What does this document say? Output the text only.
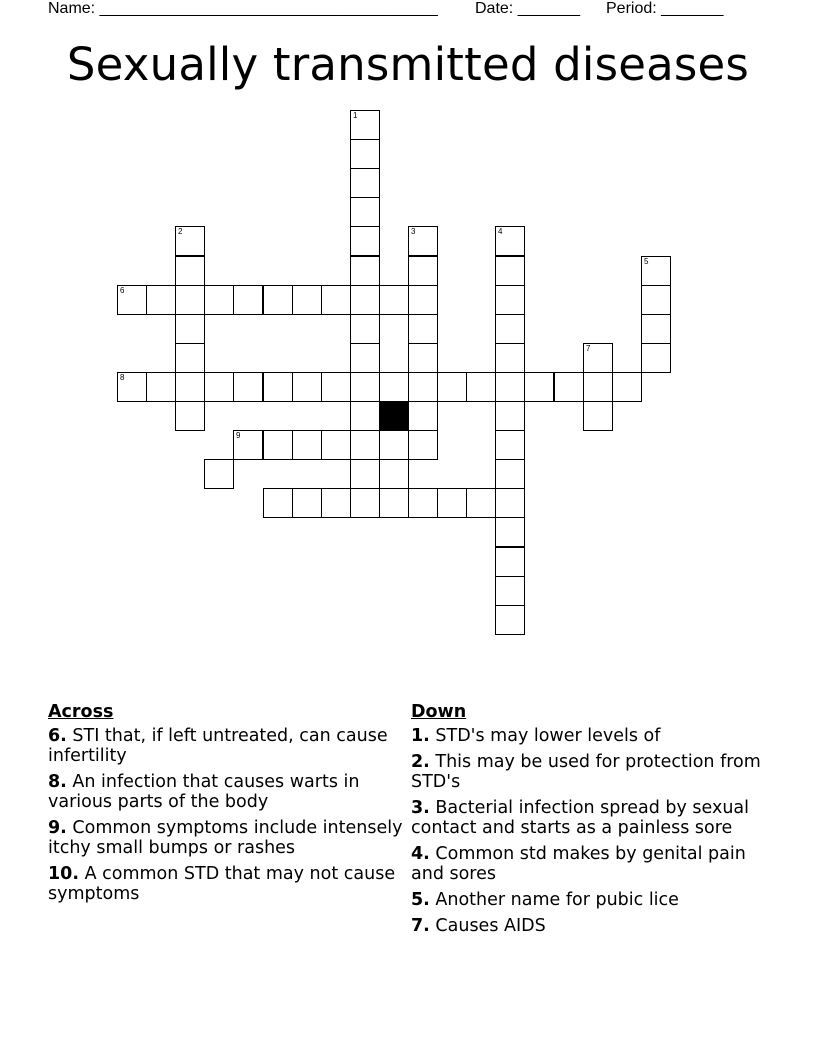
Name: ______________________________________ Date: _______ Period: _______
Sexually transmitted diseases
1
2	3	4
5
7
6
8
9
Across
6. STI that, if left untreated, can cause infertility
8. An infection that causes warts in various parts of the body
9. Common symptoms include intensely itchy small bumps or rashes
10. A common STD that may not cause symptoms
Down
1. STD's may lower levels of
2. This may be used for protection from STD's
3. Bacterial infection spread by sexual contact and starts as a painless sore
4. Common std makes by genital pain and sores
5. Another name for pubic lice
7. Causes AIDS
